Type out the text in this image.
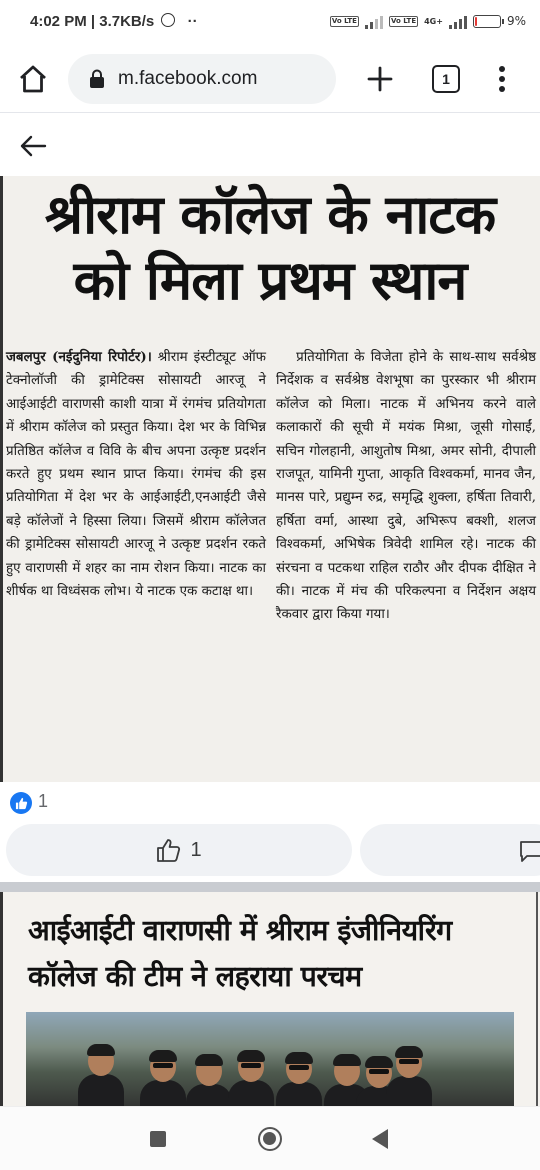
4:02 PM | 3.7KB/s ··	Vo LTE	Vo LTE 4G+	9%
m.facebook.com	1
श्रीराम कॉलेज के नाटक
को मिला प्रथम स्थान

जबलपुर (नईदुनिया रिपोर्टर)। श्रीराम इंस्टीट्यूट ऑफ टेक्नोलॉजी की ड्रामेटिक्स सोसायटी आरजू ने आईआईटी वाराणसी काशी यात्रा में रंगमंच प्रतियोगता में श्रीराम कॉलेज को प्रस्तुत किया। देश भर के विभिन्न प्रतिष्ठित कॉलेज व विवि के बीच अपना उत्कृष्ट प्रदर्शन करते हुए प्रथम स्थान प्राप्त किया। रंगमंच की इस प्रतियोगिता में देश भर के आईआईटी,एनआईटी जैसे बड़े कॉलेजों ने हिस्सा लिया। जिसमें श्रीराम कॉलेजत की ड्रामेटिक्स सोसायटी आरजू ने उत्कृष्ट प्रदर्शन रकते हुए वाराणसी में शहर का नाम रोशन किया। नाटक का शीर्षक था विध्वंसक लोभ। ये नाटक एक कटाक्ष था।

प्रतियोगिता के विजेता होने के साथ-साथ सर्वश्रेष्ठ निर्देशक व सर्वश्रेष्ठ वेशभूषा का पुरस्कार भी श्रीराम कॉलेज को मिला। नाटक में अभिनय करने वाले कलाकारों की सूची में मयंक मिश्रा, जूसी गोसाईं, सचिन गोलहानी, आशुतोष मिश्रा, अमर सोनी, दीपाली राजपूत, यामिनी गुप्ता, आकृति विश्वकर्मा, मानव जैन, मानस पारे, प्रद्युम्न रुद्र, समृद्धि शुक्ला, हर्षिता तिवारी, हर्षिता वर्मा, आस्था दुबे, अभिरूप बक्शी, शलज विश्वकर्मा, अभिषेक त्रिवेदी शामिल रहे। नाटक की संरचना व पटकथा राहिल राठौर और दीपक दीक्षित ने की। नाटक में मंच की परिकल्पना व निर्देशन अक्षय रैकवार द्वारा किया गया।

1
1
आईआईटी वाराणसी में श्रीराम इंजीनियरिंग
कॉलेज की टीम ने लहराया परचम
